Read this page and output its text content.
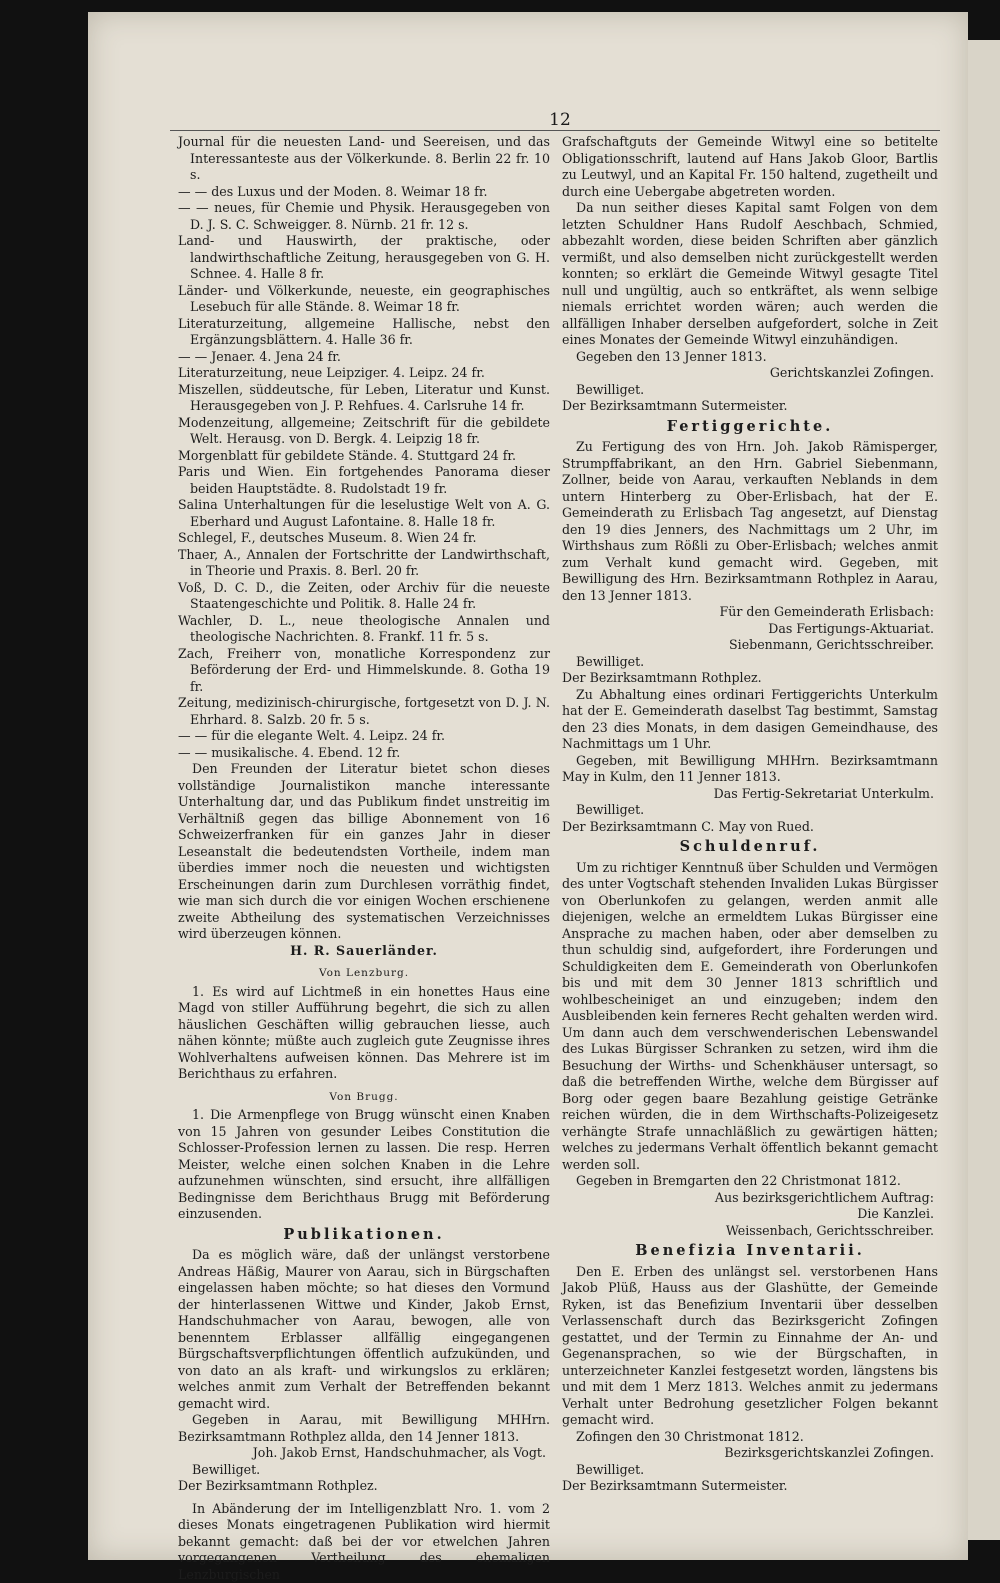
12

Journal für die neuesten Land- und Seereisen, und das Interessanteste aus der Völkerkunde. 8. Berlin 22 fr. 10 s.

— — des Luxus und der Moden. 8. Weimar 18 fr.

— — neues, für Chemie und Physik. Herausgegeben von D. J. S. C. Schweigger. 8. Nürnb. 21 fr. 12 s.

Land- und Hauswirth, der praktische, oder landwirthschaftliche Zeitung, herausgegeben von G. H. Schnee. 4. Halle 8 fr.

Länder- und Völkerkunde, neueste, ein geographisches Lesebuch für alle Stände. 8. Weimar 18 fr.

Literaturzeitung, allgemeine Hallische, nebst den Ergänzungsblättern. 4. Halle 36 fr.

— — Jenaer. 4. Jena 24 fr.

Literaturzeitung, neue Leipziger. 4. Leipz. 24 fr.

Miszellen, süddeutsche, für Leben, Literatur und Kunst. Herausgegeben von J. P. Rehfues. 4. Carlsruhe 14 fr.

Modenzeitung, allgemeine; Zeitschrift für die gebildete Welt. Herausg. von D. Bergk. 4. Leipzig 18 fr.

Morgenblatt für gebildete Stände. 4. Stuttgard 24 fr.

Paris und Wien. Ein fortgehendes Panorama dieser beiden Hauptstädte. 8. Rudolstadt 19 fr.

Salina Unterhaltungen für die leselustige Welt von A. G. Eberhard und August Lafontaine. 8. Halle 18 fr.

Schlegel, F., deutsches Museum. 8. Wien 24 fr.

Thaer, A., Annalen der Fortschritte der Landwirthschaft, in Theorie und Praxis. 8. Berl. 20 fr.

Voß, D. C. D., die Zeiten, oder Archiv für die neueste Staatengeschichte und Politik. 8. Halle 24 fr.

Wachler, D. L., neue theologische Annalen und theologische Nachrichten. 8. Frankf. 11 fr. 5 s.

Zach, Freiherr von, monatliche Korrespondenz zur Beförderung der Erd- und Himmelskunde. 8. Gotha 19 fr.

Zeitung, medizinisch-chirurgische, fortgesetzt von D. J. N. Ehrhard. 8. Salzb. 20 fr. 5 s.

— — für die elegante Welt. 4. Leipz. 24 fr.

— — musikalische. 4. Ebend. 12 fr.

Den Freunden der Literatur bietet schon dieses vollständige Journalistikon manche interessante Unterhaltung dar, und das Publikum findet unstreitig im Verhältniß gegen das billige Abonnement von 16 Schweizerfranken für ein ganzes Jahr in dieser Leseanstalt die bedeutendsten Vortheile, indem man überdies immer noch die neuesten und wichtigsten Erscheinungen darin zum Durchlesen vorräthig findet, wie man sich durch die vor einigen Wochen erschienene zweite Abtheilung des systematischen Verzeichnisses wird überzeugen können.

H. R. Sauerländer.

Von Lenzburg.

1. Es wird auf Lichtmeß in ein honettes Haus eine Magd von stiller Aufführung begehrt, die sich zu allen häuslichen Geschäften willig gebrauchen liesse, auch nähen könnte; müßte auch zugleich gute Zeugnisse ihres Wohlverhaltens aufweisen können. Das Mehrere ist im Berichthaus zu erfahren.

Von Brugg.

1. Die Armenpflege von Brugg wünscht einen Knaben von 15 Jahren von gesunder Leibes Constitution die Schlosser-Profession lernen zu lassen. Die resp. Herren Meister, welche einen solchen Knaben in die Lehre aufzunehmen wünschten, sind ersucht, ihre allfälligen Bedingnisse dem Berichthaus Brugg mit Beförderung einzusenden.

Publikationen.

Da es möglich wäre, daß der unlängst verstorbene Andreas Häßig, Maurer von Aarau, sich in Bürgschaften eingelassen haben möchte; so hat dieses den Vormund der hinterlassenen Wittwe und Kinder, Jakob Ernst, Handschuhmacher von Aarau, bewogen, alle von benenntem Erblasser allfällig eingegangenen Bürgschaftsverpflichtungen öffentlich aufzukünden, und von dato an als kraft- und wirkungslos zu erklären; welches anmit zum Verhalt der Betreffenden bekannt gemacht wird.

Gegeben in Aarau, mit Bewilligung MHHrn. Bezirksamtmann Rothplez allda, den 14 Jenner 1813.

Joh. Jakob Ernst, Handschuhmacher, als Vogt.

Bewilliget.

Der Bezirksamtmann Rothplez.

In Abänderung der im Intelligenzblatt Nro. 1. vom 2 dieses Monats eingetragenen Publikation wird hiermit bekannt gemacht: daß bei der vor etwelchen Jahren vorgegangenen Vertheilung des ehemaligen Lenzburgischen

Grafschaftguts der Gemeinde Witwyl eine so betitelte Obligationsschrift, lautend auf Hans Jakob Gloor, Bartlis zu Leutwyl, und an Kapital Fr. 150 haltend, zugetheilt und durch eine Uebergabe abgetreten worden.

Da nun seither dieses Kapital samt Folgen von dem letzten Schuldner Hans Rudolf Aeschbach, Schmied, abbezahlt worden, diese beiden Schriften aber gänzlich vermißt, und also demselben nicht zurückgestellt werden konnten; so erklärt die Gemeinde Witwyl gesagte Titel null und ungültig, auch so entkräftet, als wenn selbige niemals errichtet worden wären; auch werden die allfälligen Inhaber derselben aufgefordert, solche in Zeit eines Monates der Gemeinde Witwyl einzuhändigen.

Gegeben den 13 Jenner 1813.

Gerichtskanzlei Zofingen.

Bewilliget.

Der Bezirksamtmann Sutermeister.

Fertiggerichte.

Zu Fertigung des von Hrn. Joh. Jakob Rämisperger, Strumpffabrikant, an den Hrn. Gabriel Siebenmann, Zollner, beide von Aarau, verkauften Neblands in dem untern Hinterberg zu Ober-Erlisbach, hat der E. Gemeinderath zu Erlisbach Tag angesetzt, auf Dienstag den 19 dies Jenners, des Nachmittags um 2 Uhr, im Wirthshaus zum Rößli zu Ober-Erlisbach; welches anmit zum Verhalt kund gemacht wird. Gegeben, mit Bewilligung des Hrn. Bezirksamtmann Rothplez in Aarau, den 13 Jenner 1813.

Für den Gemeinderath Erlisbach:

Das Fertigungs-Aktuariat.

Siebenmann, Gerichtsschreiber.

Bewilliget.

Der Bezirksamtmann Rothplez.

Zu Abhaltung eines ordinari Fertiggerichts Unterkulm hat der E. Gemeinderath daselbst Tag bestimmt, Samstag den 23 dies Monats, in dem dasigen Gemeindhause, des Nachmittags um 1 Uhr.

Gegeben, mit Bewilligung MHHrn. Bezirksamtmann May in Kulm, den 11 Jenner 1813.

Das Fertig-Sekretariat Unterkulm.

Bewilliget.

Der Bezirksamtmann C. May von Rued.

Schuldenruf.

Um zu richtiger Kenntnuß über Schulden und Vermögen des unter Vogtschaft stehenden Invaliden Lukas Bürgisser von Oberlunkofen zu gelangen, werden anmit alle diejenigen, welche an ermeldtem Lukas Bürgisser eine Ansprache zu machen haben, oder aber demselben zu thun schuldig sind, aufgefordert, ihre Forderungen und Schuldigkeiten dem E. Gemeinderath von Oberlunkofen bis und mit dem 30 Jenner 1813 schriftlich und wohlbescheiniget an und einzugeben; indem den Ausbleibenden kein ferneres Recht gehalten werden wird. Um dann auch dem verschwenderischen Lebenswandel des Lukas Bürgisser Schranken zu setzen, wird ihm die Besuchung der Wirths- und Schenkhäuser untersagt, so daß die betreffenden Wirthe, welche dem Bürgisser auf Borg oder gegen baare Bezahlung geistige Getränke reichen würden, die in dem Wirthschafts-Polizeigesetz verhängte Strafe unnachläßlich zu gewärtigen hätten; welches zu jedermans Verhalt öffentlich bekannt gemacht werden soll.

Gegeben in Bremgarten den 22 Christmonat 1812.

Aus bezirksgerichtlichem Auftrag:

Die Kanzlei.

Weissenbach, Gerichtsschreiber.

Benefizia Inventarii.

Den E. Erben des unlängst sel. verstorbenen Hans Jakob Plüß, Hauss aus der Glashütte, der Gemeinde Ryken, ist das Benefizium Inventarii über desselben Verlassenschaft durch das Bezirksgericht Zofingen gestattet, und der Termin zu Einnahme der An- und Gegenansprachen, so wie der Bürgschaften, in unterzeichneter Kanzlei festgesetzt worden, längstens bis und mit dem 1 Merz 1813. Welches anmit zu jedermans Verhalt unter Bedrohung gesetzlicher Folgen bekannt gemacht wird.

Zofingen den 30 Christmonat 1812.

Bezirksgerichtskanzlei Zofingen.

Bewilliget.

Der Bezirksamtmann Sutermeister.
